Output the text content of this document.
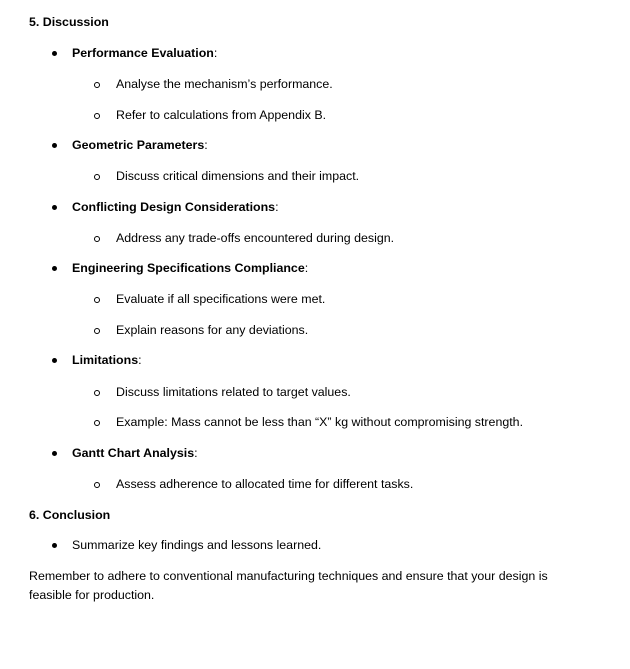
5. Discussion
Performance Evaluation:
Analyse the mechanism’s performance.
Refer to calculations from Appendix B.
Geometric Parameters:
Discuss critical dimensions and their impact.
Conflicting Design Considerations:
Address any trade-offs encountered during design.
Engineering Specifications Compliance:
Evaluate if all specifications were met.
Explain reasons for any deviations.
Limitations:
Discuss limitations related to target values.
Example: Mass cannot be less than “X” kg without compromising strength.
Gantt Chart Analysis:
Assess adherence to allocated time for different tasks.
6. Conclusion
Summarize key findings and lessons learned.
Remember to adhere to conventional manufacturing techniques and ensure that your design is
feasible for production.
